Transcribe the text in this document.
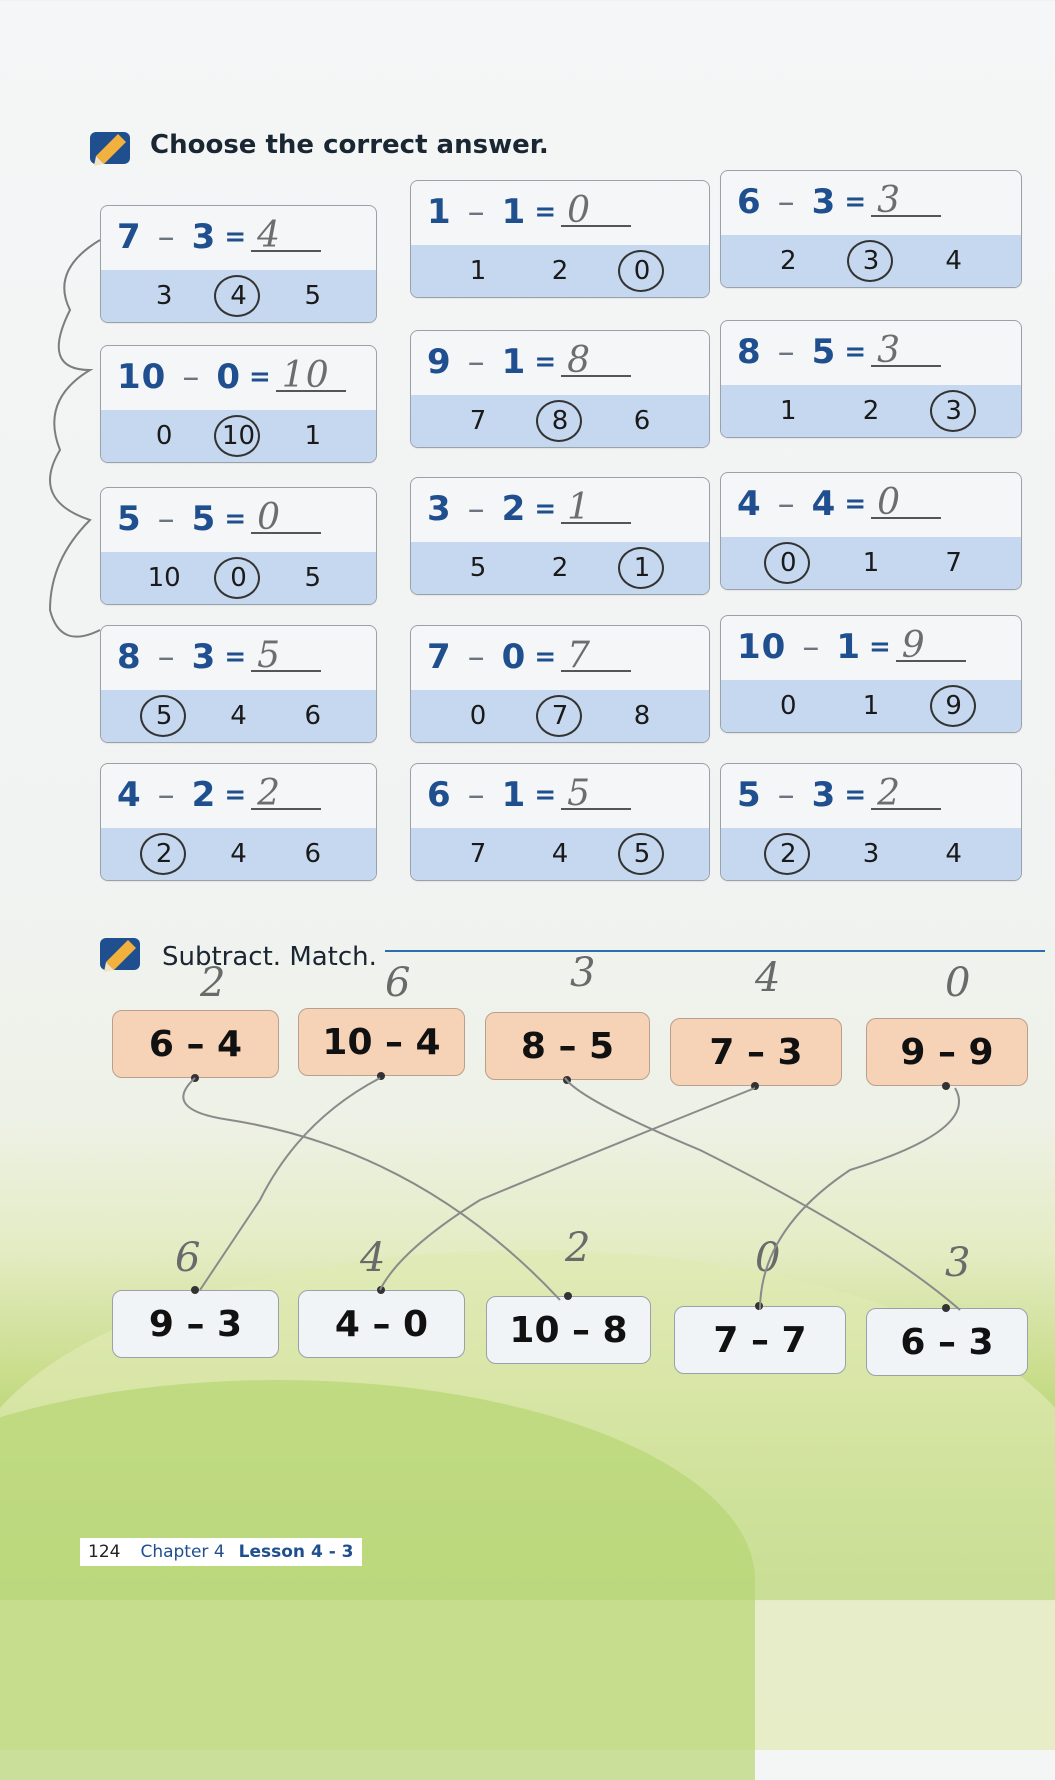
Choose the correct answer.
7 – 3 = 4
3	4	5
1 – 1 = 0
1	2	0
6 – 3 = 3
2	3	4
10 – 0 = 10
0	10	1
9 – 1 = 8
7	8	6
8 – 5 = 3
1	2	3
5 – 5 = 0
10	0	5
3 – 2 = 1
5	2	1
4 – 4 = 0
0	1	7
8 – 3 = 5
5	4	6
7 – 0 = 7
0	7	8
10 – 1 = 9
0	1	9
4 – 2 = 2
2	4	6
6 – 1 = 5
7	4	5
5 – 3 = 2
2	3	4
Subtract. Match.
6 – 4
2
10 – 4
6
8 – 5
3
7 – 3
4
9 – 9
0
9 – 3
6
4 – 0
4
10 – 8
2
7 – 7
0
6 – 3
3
124 Chapter 4 Lesson 4 - 3
